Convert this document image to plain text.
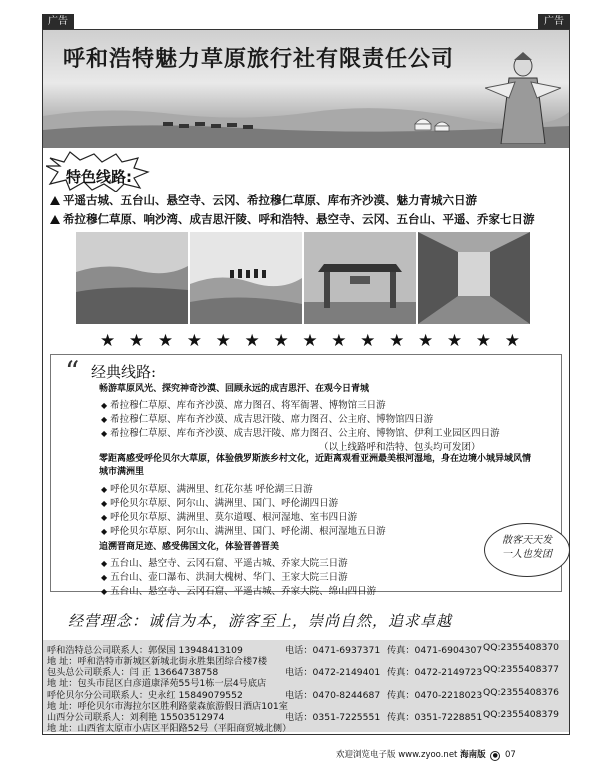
广告	广告
呼和浩特魅力草原旅行社有限责任公司
特色线路:
平遥古城、五台山、悬空寺、云冈、希拉穆仁草原、库布齐沙漠、魅力青城六日游
希拉穆仁草原、响沙湾、成吉思汗陵、呼和浩特、悬空寺、云冈、五台山、平遥、乔家七日游
★ ★ ★ ★ ★ ★ ★ ★ ★ ★ ★ ★ ★ ★ ★
“ 经典线路:
畅游草原风光、探究神奇沙漠、回顾永远的成吉思汗、在观今日青城
◆ 希拉穆仁草原、库布齐沙漠、席力图召、将军衙署、博物馆三日游
◆ 希拉穆仁草原、库布齐沙漠、成吉思汗陵、席力图召、公主府、博物馆四日游
◆ 希拉穆仁草原、库布齐沙漠、成吉思汗陵、席力图召、公主府、博物馆、伊利工业园区四日游
（以上线路呼和浩特、包头均可发团）
零距离感受呼伦贝尔大草原，体验俄罗斯族乡村文化，近距离观看亚洲最美根河湿地，身在边境小城异域风情城市满洲里
◆ 呼伦贝尔草原、满洲里、红花尔基 呼伦湖三日游
◆ 呼伦贝尔草原、阿尔山、满洲里、国门、呼伦湖四日游
◆ 呼伦贝尔草原、满洲里、莫尔道嘎、根河湿地、室韦四日游
◆ 呼伦贝尔草原、阿尔山、满洲里、国门、呼伦湖、根河湿地五日游
追溯晋商足迹、感受佛国文化，体验晋善晋美
◆ 五台山、悬空寺、云冈石窟、平遥古城、乔家大院三日游
◆ 五台山、壶口瀑布、洪洞大槐树、华门、王家大院三日游
◆ 五台山、悬空寺、云冈石窟、平遥古城、乔家大院、绵山四日游
散客天天发
一人也发团
经营理念：诚信为本，游客至上，崇尚自然，追求卓越
呼和浩特总公司联系人：郭保国 13948413109	电话：0471-6937371 传真：0471-6904307 QQ:2355408370
地 址：呼和浩特市新城区新城北街永胜集团综合楼7楼
包头总公司联系人：闫 正 13664738758	电话：0472-2149401 传真：0472-2149723 QQ:2355408377
地 址：包头市昆区白彦道康泽苑55号1栋一层4号底店
呼伦贝尔分公司联系人：史永红 15849079552	电话：0470-8244687 传真：0470-2218023 QQ:2355408376
地 址：呼伦贝尔市海拉尔区胜利路蒙森旅游假日酒店101室
山西分公司联系人：刘利艳 15503512974	电话：0351-7225551 传真：0351-7228851 QQ:2355408379
地 址：山西省太原市小店区平阳路52号（平阳商贸城北侧）
欢迎浏览电子版 www.zyoo.net 海南版 ● 07
